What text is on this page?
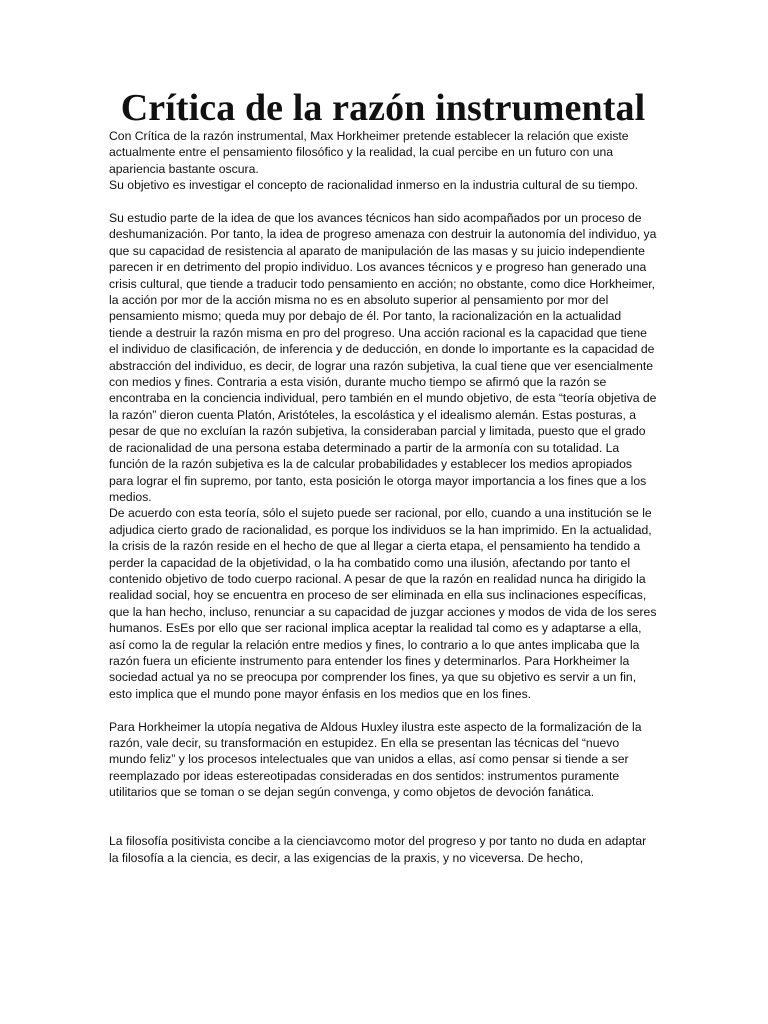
Crítica de la razón instrumental

Con Crítica de la razón instrumental, Max Horkheimer pretende establecer la relación que existe actualmente entre el pensamiento filosófico y la realidad, la cual percibe en un futuro con una apariencia bastante oscura.

Su objetivo es investigar el concepto de racionalidad inmerso en la industria cultural de su tiempo.

Su estudio parte de la idea de que los avances técnicos han sido acompañados por un proceso de deshumanización. Por tanto, la idea de progreso amenaza con destruir la autonomía del individuo, ya que su capacidad de resistencia al aparato de manipulación de las masas y su juicio independiente parecen ir en detrimento del propio individuo. Los avances técnicos y e progreso han generado una crisis cultural, que tiende a traducir todo pensamiento en acción; no obstante, como dice Horkheimer, la acción por mor de la acción misma no es en absoluto superior al pensamiento por mor del pensamiento mismo; queda muy por debajo de él. Por tanto, la racionalización en la actualidad tiende a destruir la razón misma en pro del progreso. Una acción racional es la capacidad que tiene el individuo de clasificación, de inferencia y de deducción, en donde lo importante es la capacidad de abstracción del individuo, es decir, de lograr una razón subjetiva, la cual tiene que ver esencialmente con medios y fines. Contraria a esta visión, durante mucho tiempo se afirmó que la razón se encontraba en la conciencia individual, pero también en el mundo objetivo, de esta “teoría objetiva de la razón” dieron cuenta Platón, Aristóteles, la escolástica y el idealismo alemán. Estas posturas, a pesar de que no excluían la razón subjetiva, la consideraban parcial y limitada, puesto que el grado de racionalidad de una persona estaba determinado a partir de la armonía con su totalidad. La función de la razón subjetiva es la de calcular probabilidades y establecer los medios apropiados para lograr el fin supremo, por tanto, esta posición le otorga mayor importancia a los fines que a los medios.

De acuerdo con esta teoría, sólo el sujeto puede ser racional, por ello, cuando a una institución se le adjudica cierto grado de racionalidad, es porque los individuos se la han imprimido. En la actualidad, la crisis de la razón reside en el hecho de que al llegar a cierta etapa, el pensamiento ha tendido a perder la capacidad de la objetividad, o la ha combatido como una ilusión, afectando por tanto el contenido objetivo de todo cuerpo racional. A pesar de que la razón en realidad nunca ha dirigido la realidad social, hoy se encuentra en proceso de ser eliminada en ella sus inclinaciones específicas, que la han hecho, incluso, renunciar a su capacidad de juzgar acciones y modos de vida de los seres humanos. EsEs por ello que ser racional implica aceptar la realidad tal como es y adaptarse a ella, así como la de regular la relación entre medios y fines, lo contrario a lo que antes implicaba que la razón fuera un eficiente instrumento para entender los fines y determinarlos. Para Horkheimer la sociedad actual ya no se preocupa por comprender los fines, ya que su objetivo es servir a un fin, esto implica que el mundo pone mayor énfasis en los medios que en los fines.

Para Horkheimer la utopía negativa de Aldous Huxley ilustra este aspecto de la formalización de la razón, vale decir, su transformación en estupidez. En ella se presentan las técnicas del “nuevo mundo feliz” y los procesos intelectuales que van unidos a ellas, así como pensar si tiende a ser reemplazado por ideas estereotipadas consideradas en dos sentidos: instrumentos puramente utilitarios que se toman o se dejan según convenga, y como objetos de devoción fanática.

La filosofía positivista concibe a la cienciavcomo motor del progreso y por tanto no duda en adaptar la filosofía a la ciencia, es decir, a las exigencias de la praxis, y no viceversa. De hecho,
